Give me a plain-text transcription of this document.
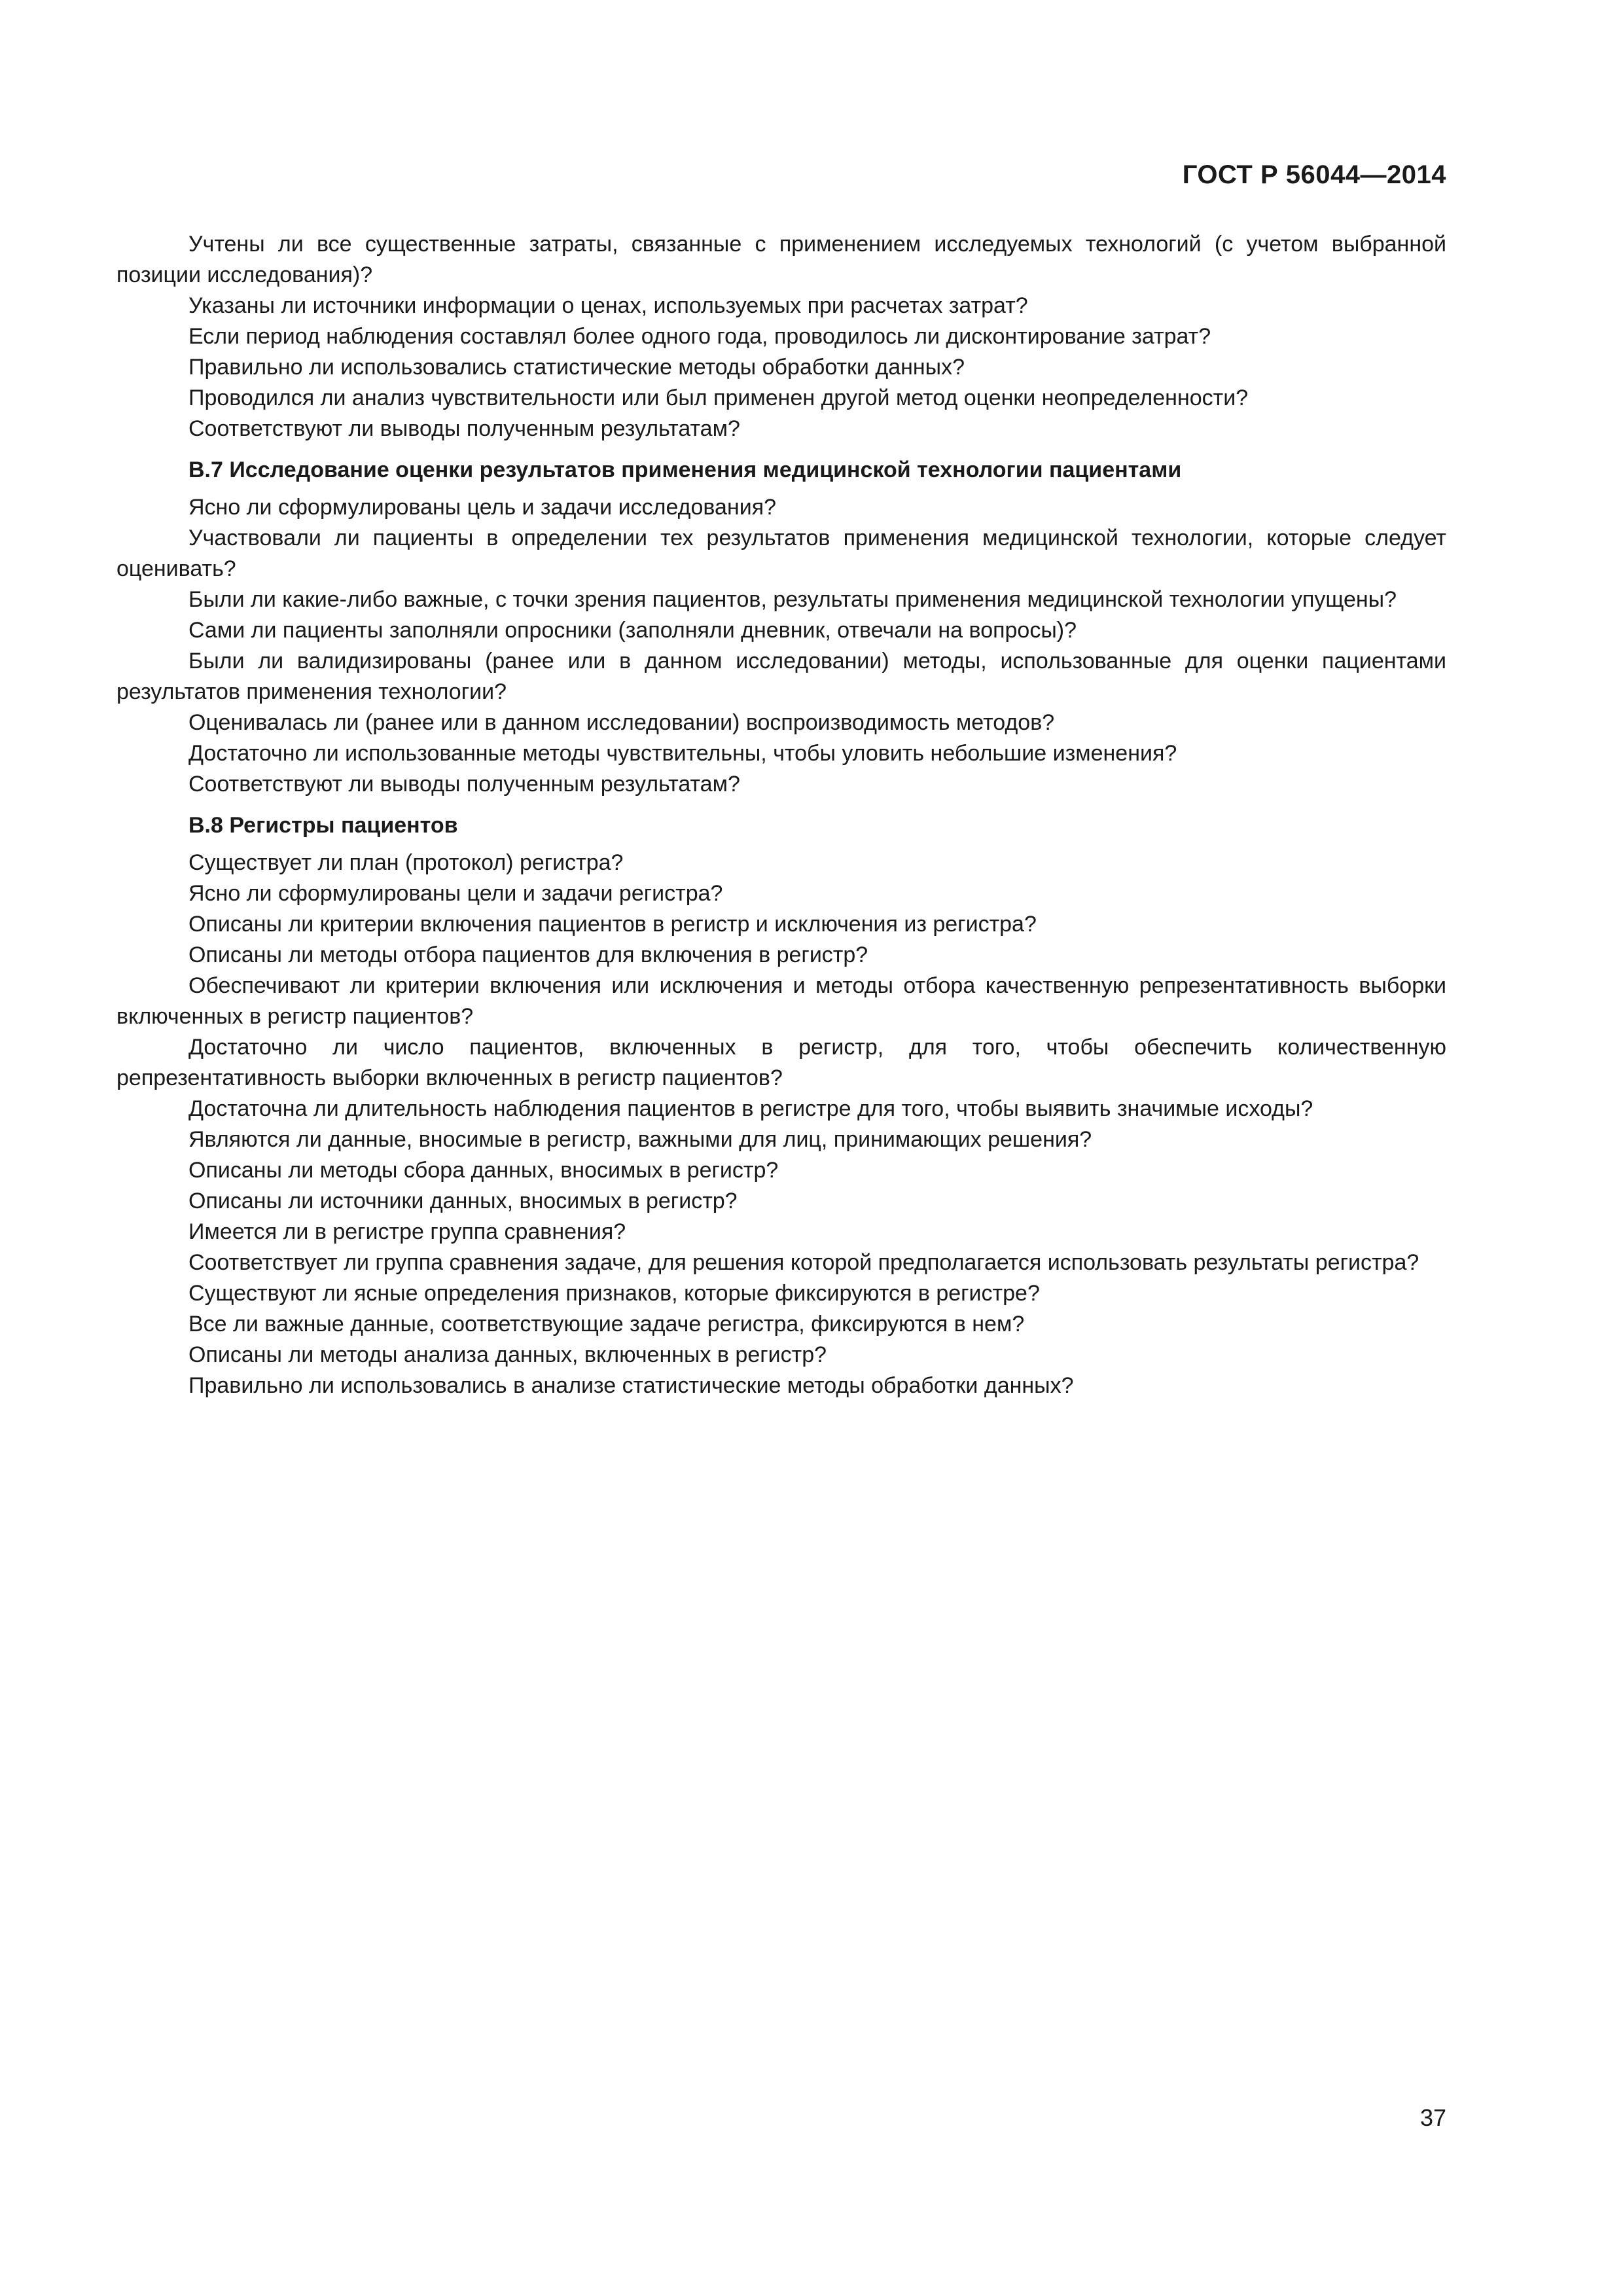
ГОСТ Р 56044—2014

Учтены ли все существенные затраты, связанные с применением исследуемых технологий (с учетом выбранной позиции исследования)?

Указаны ли источники информации о ценах, используемых при расчетах затрат?

Если период наблюдения составлял более одного года, проводилось ли дисконтирование затрат?

Правильно ли использовались статистические методы обработки данных?

Проводился ли анализ чувствительности или был применен другой метод оценки неопределенности?

Соответствуют ли выводы полученным результатам?

В.7 Исследование оценки результатов применения медицинской технологии пациентами

Ясно ли сформулированы цель и задачи исследования?

Участвовали ли пациенты в определении тех результатов применения медицинской технологии, которые следует оценивать?

Были ли какие-либо важные, с точки зрения пациентов, результаты применения медицинской технологии упущены?

Сами ли пациенты заполняли опросники (заполняли дневник, отвечали на вопросы)?

Были ли валидизированы (ранее или в данном исследовании) методы, использованные для оценки пациентами результатов применения технологии?

Оценивалась ли (ранее или в данном исследовании) воспроизводимость методов?

Достаточно ли использованные методы чувствительны, чтобы уловить небольшие изменения?

Соответствуют ли выводы полученным результатам?

В.8 Регистры пациентов

Существует ли план (протокол) регистра?

Ясно ли сформулированы цели и задачи регистра?

Описаны ли критерии включения пациентов в регистр и исключения из регистра?

Описаны ли методы отбора пациентов для включения в регистр?

Обеспечивают ли критерии включения или исключения и методы отбора качественную репрезентативность выборки включенных в регистр пациентов?

Достаточно ли число пациентов, включенных в регистр, для того, чтобы обеспечить количественную репрезентативность выборки включенных в регистр пациентов?

Достаточна ли длительность наблюдения пациентов в регистре для того, чтобы выявить значимые исходы?

Являются ли данные, вносимые в регистр, важными для лиц, принимающих решения?

Описаны ли методы сбора данных, вносимых в регистр?

Описаны ли источники данных, вносимых в регистр?

Имеется ли в регистре группа сравнения?

Соответствует ли группа сравнения задаче, для решения которой предполагается использовать результаты регистра?

Существуют ли ясные определения признаков, которые фиксируются в регистре?

Все ли важные данные, соответствующие задаче регистра, фиксируются в нем?

Описаны ли методы анализа данных, включенных в регистр?

Правильно ли использовались в анализе статистические методы обработки данных?

37
